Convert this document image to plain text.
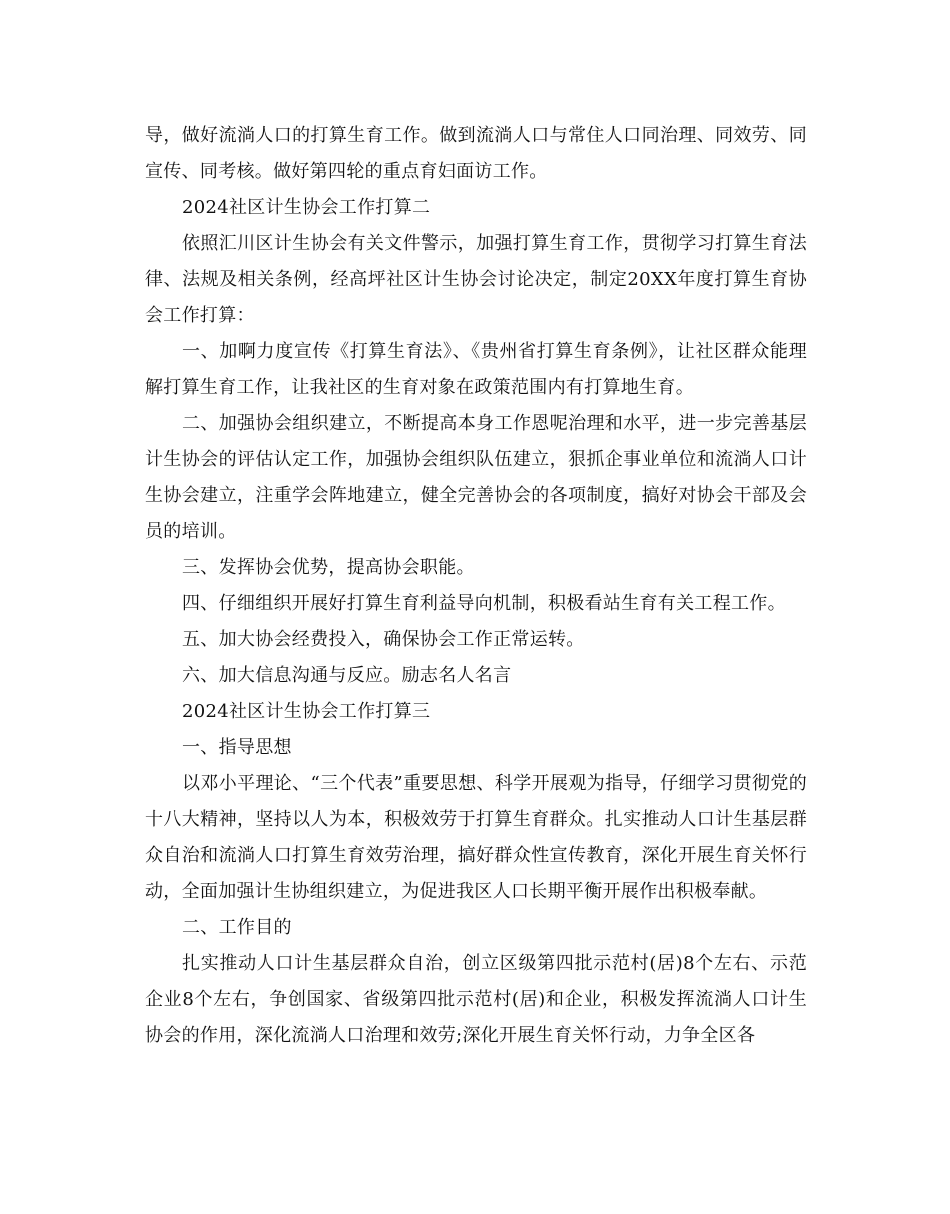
导，做好流淌人口的打算生育工作。做到流淌人口与常住人口同治理、同效劳、同宣传、同考核。做好第四轮的重点育妇面访工作。

2024社区计生协会工作打算二

依照汇川区计生协会有关文件警示，加强打算生育工作，贯彻学习打算生育法律、法规及相关条例，经高坪社区计生协会讨论决定，制定20XX年度打算生育协会工作打算：

一、加啊力度宣传《打算生育法》、《贵州省打算生育条例》，让社区群众能理解打算生育工作，让我社区的生育对象在政策范围内有打算地生育。

二、加强协会组织建立，不断提高本身工作恩呢治理和水平，进一步完善基层计生协会的评估认定工作，加强协会组织队伍建立，狠抓企事业单位和流淌人口计生协会建立，注重学会阵地建立，健全完善协会的各项制度，搞好对协会干部及会员的培训。

三、发挥协会优势，提高协会职能。

四、仔细组织开展好打算生育利益导向机制，积极看站生育有关工程工作。

五、加大协会经费投入，确保协会工作正常运转。

六、加大信息沟通与反应。励志名人名言

2024社区计生协会工作打算三

一、指导思想

以邓小平理论、“三个代表”重要思想、科学开展观为指导，仔细学习贯彻党的十八大精神，坚持以人为本，积极效劳于打算生育群众。扎实推动人口计生基层群众自治和流淌人口打算生育效劳治理，搞好群众性宣传教育，深化开展生育关怀行动，全面加强计生协组织建立，为促进我区人口长期平衡开展作出积极奉献。

二、工作目的

扎实推动人口计生基层群众自治，创立区级第四批示范村(居)8个左右、示范企业8个左右，争创国家、省级第四批示范村(居)和企业，积极发挥流淌人口计生协会的作用，深化流淌人口治理和效劳;深化开展生育关怀行动，力争全区各
